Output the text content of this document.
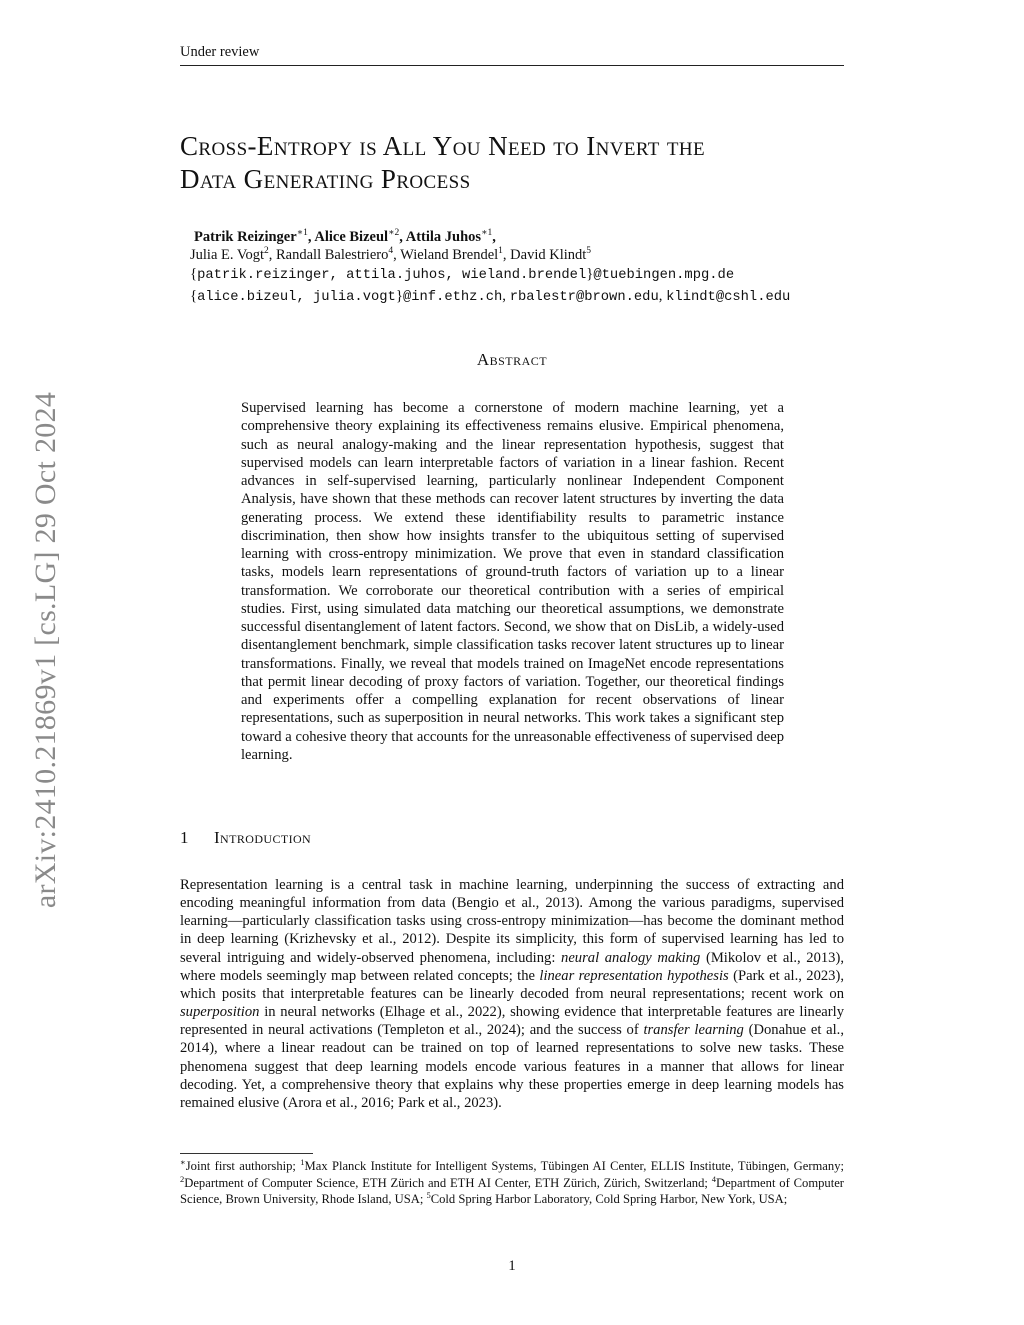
Under review
arXiv:2410.21869v1 [cs.LG] 29 Oct 2024
Cross-Entropy is All You Need to Invert the
Data Generating Process
Patrik Reizinger$^{∗1}$, Alice Bizeul$^{∗2}$, Attila Juhos$^{∗1}$,
Julia E. Vogt$^2$, Randall Balestriero$^4$, Wieland Brendel$^1$, David Klindt$^5$
{patrik.reizinger, attila.juhos, wieland.brendel}@tuebingen.mpg.de
{alice.bizeul, julia.vogt}@inf.ethz.ch, rbalestr@brown.edu, klindt@cshl.edu
Abstract
Supervised learning has become a cornerstone of modern machine learning, yet a comprehensive theory explaining its effectiveness remains elusive. Empirical phenomena, such as neural analogy-making and the linear representation hypothesis, suggest that supervised models can learn interpretable factors of variation in a linear fashion. Recent advances in self-supervised learning, particularly nonlinear Independent Component Analysis, have shown that these methods can recover latent structures by inverting the data generating process. We extend these identifiability results to parametric instance discrimination, then show how insights transfer to the ubiquitous setting of supervised learning with cross-entropy minimization. We prove that even in standard classification tasks, models learn representations of ground-truth factors of variation up to a linear transformation. We corroborate our theoretical contribution with a series of empirical studies. First, using simulated data matching our theoretical assumptions, we demonstrate successful disentanglement of latent factors. Second, we show that on DisLib, a widely-used disentanglement benchmark, simple classification tasks recover latent structures up to linear transformations. Finally, we reveal that models trained on ImageNet encode representations that permit linear decoding of proxy factors of variation. Together, our theoretical findings and experiments offer a compelling explanation for recent observations of linear representations, such as superposition in neural networks. This work takes a significant step toward a cohesive theory that accounts for the unreasonable effectiveness of supervised deep learning.
1 Introduction
Representation learning is a central task in machine learning, underpinning the success of extracting and encoding meaningful information from data (Bengio et al., 2013). Among the various paradigms, supervised learning—particularly classification tasks using cross-entropy minimization—has become the dominant method in deep learning (Krizhevsky et al., 2012). Despite its simplicity, this form of supervised learning has led to several intriguing and widely-observed phenomena, including: neural analogy making (Mikolov et al., 2013), where models seemingly map between related concepts; the linear representation hypothesis (Park et al., 2023), which posits that interpretable features can be linearly decoded from neural representations; recent work on superposition in neural networks (Elhage et al., 2022), showing evidence that interpretable features are linearly represented in neural activations (Templeton et al., 2024); and the success of transfer learning (Donahue et al., 2014), where a linear readout can be trained on top of learned representations to solve new tasks. These phenomena suggest that deep learning models encode various features in a manner that allows for linear decoding. Yet, a comprehensive theory that explains why these properties emerge in deep learning models has remained elusive (Arora et al., 2016; Park et al., 2023).
∗Joint first authorship; $^1$Max Planck Institute for Intelligent Systems, Tübingen AI Center, ELLIS Institute, Tübingen, Germany; $^2$Department of Computer Science, ETH Zürich and ETH AI Center, ETH Zürich, Zürich, Switzerland; $^4$Department of Computer Science, Brown University, Rhode Island, USA; $^5$Cold Spring Harbor Laboratory, Cold Spring Harbor, New York, USA;
1
